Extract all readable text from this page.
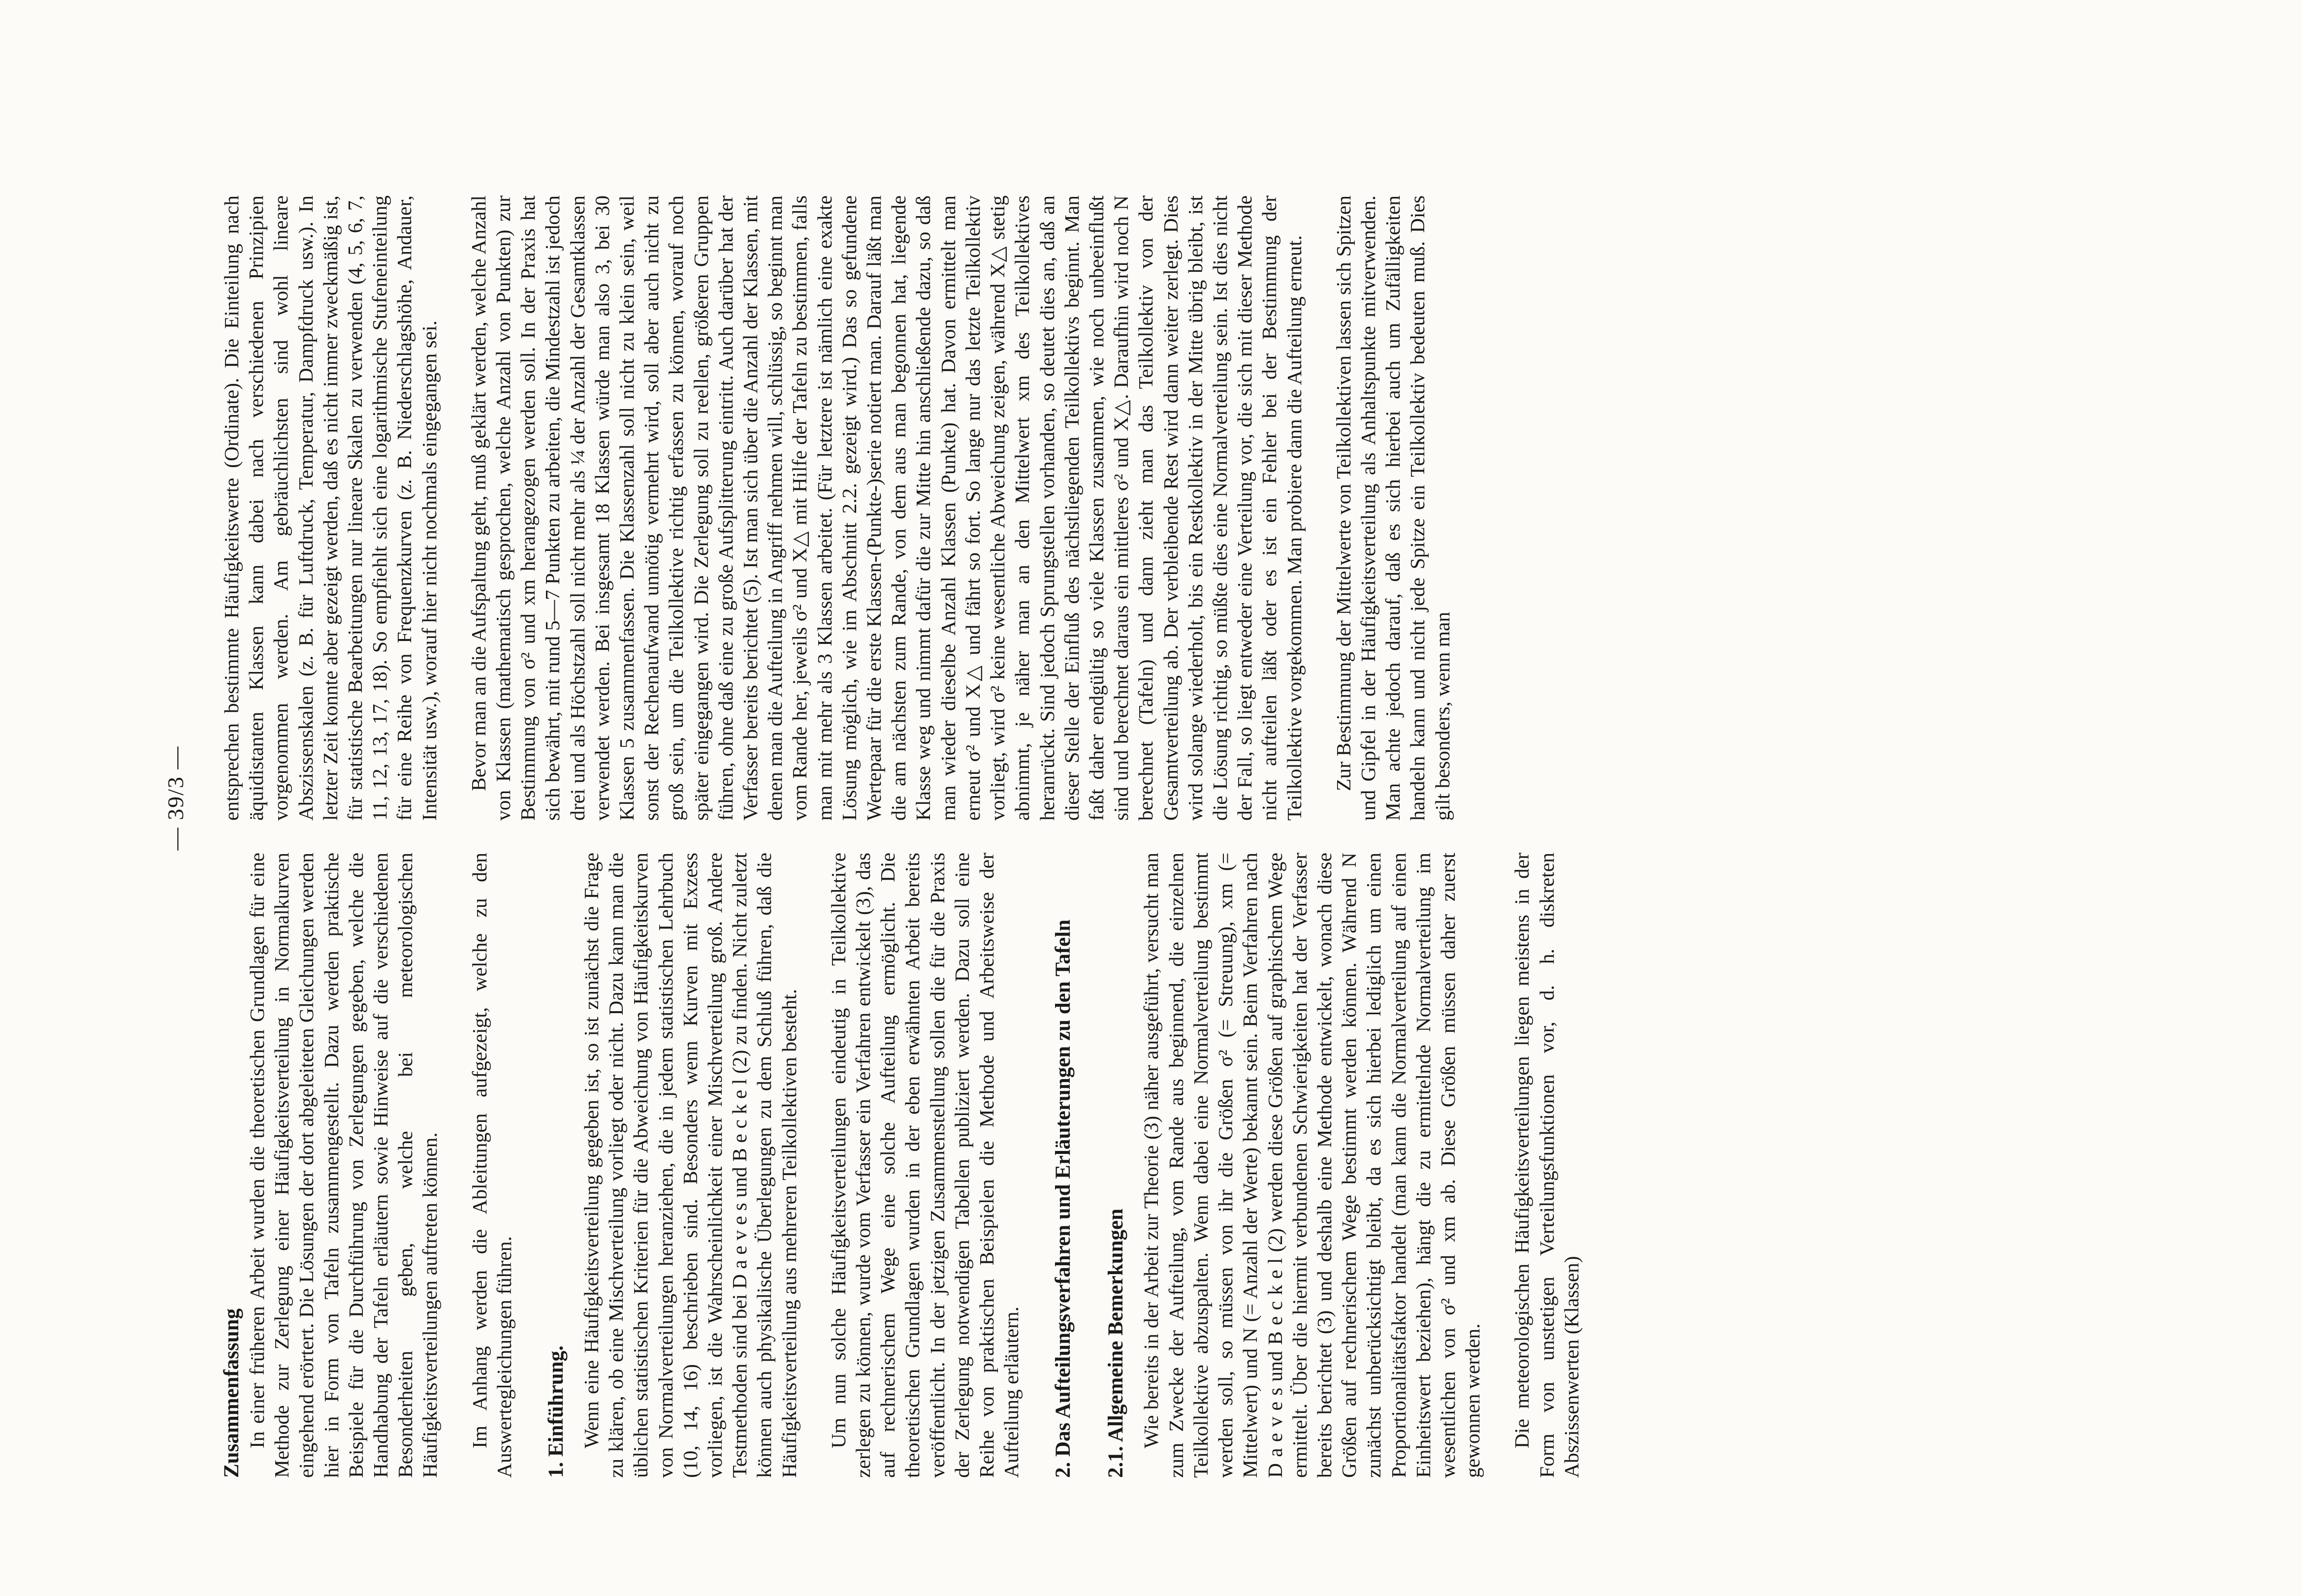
— 39/3 —
Zusammenfassung In einer früheren Arbeit wurden die theoretischen Grundlagen für eine Methode zur Zerlegung einer Häufigkeitsverteilung in Normalkurven eingehend erörtert. Die Lösungen der dort abgeleiteten Gleichungen werden hier in Form von Tafeln zusammengestellt. Dazu werden praktische Beispiele für die Durchführung von Zerlegungen gegeben, welche die Handhabung der Tafeln erläutern sowie Hinweise auf die verschiedenen Besonderheiten geben, welche bei meteorologischen Häufigkeitsverteilungen auftreten können. Im Anhang werden die Ableitungen aufgezeigt, welche zu den Auswertegleichungen führen. 1. Einführung. Wenn eine Häufigkeitsverteilung gegeben ist, so ist zunächst die Frage zu klären, ob eine Mischverteilung vorliegt oder nicht. Dazu kann man die üblichen statistischen Kriterien für die Abweichung von Häufigkeitskurven von Normalverteilungen heranziehen, die in jedem statistischen Lehrbuch (10, 14, 16) beschrieben sind. Besonders wenn Kurven mit Exzess vorliegen, ist die Wahrscheinlichkeit einer Mischverteilung groß. Andere Testmethoden sind bei D a e v e s und B e c k e l (2) zu finden. Nicht zuletzt können auch physikalische Überlegungen zu dem Schluß führen, daß die Häufigkeitsverteilung aus mehreren Teilkollektiven besteht. Um nun solche Häufigkeitsverteilungen eindeutig in Teilkollektive zerlegen zu können, wurde vom Verfasser ein Verfahren entwickelt (3), das auf rechnerischem Wege eine solche Aufteilung ermöglicht. Die theoretischen Grundlagen wurden in der eben erwähnten Arbeit bereits veröffentlicht. In der jetzigen Zusammenstellung sollen die für die Praxis der Zerlegung notwendigen Tabellen publiziert werden. Dazu soll eine Reihe von praktischen Beispielen die Methode und Arbeitsweise der Aufteilung erläutern. 2. Das Aufteilungsverfahren und Erläuterungen zu den Tafeln 2.1. Allgemeine Bemerkungen Wie bereits in der Arbeit zur Theorie (3) näher ausgeführt, versucht man zum Zwecke der Aufteilung, vom Rande aus beginnend, die einzelnen Teilkollektive abzuspalten. Wenn dabei eine Normalverteilung bestimmt werden soll, so müssen von ihr die Größen σ² (= Streuung), xm (= Mittelwert) und N (= Anzahl der Werte) bekannt sein. Beim Verfahren nach D a e v e s und B e c k e l (2) werden diese Größen auf graphischem Wege ermittelt. Über die hiermit verbundenen Schwierigkeiten hat der Verfasser bereits berichtet (3) und deshalb eine Methode entwickelt, wonach diese Größen auf rechnerischem Wege bestimmt werden können. Während N zunächst unberücksichtigt bleibt, da es sich hierbei lediglich um einen Proportionalitätsfaktor handelt (man kann die Normalverteilung auf einen Einheitswert beziehen), hängt die zu ermittelnde Normalverteilung im wesentlichen von σ² und xm ab. Diese Größen müssen daher zuerst gewonnen werden. Die meteorologischen Häufigkeitsverteilungen liegen meistens in der Form von unstetigen Verteilungsfunktionen vor, d. h. diskreten Abszissenwerten (Klassen)

entsprechen bestimmte Häufigkeitswerte (Ordinate). Die Einteilung nach äquidistanten Klassen kann dabei nach verschiedenen Prinzipien vorgenommen werden. Am gebräuchlichsten sind wohl lineare Abszissenskalen (z. B. für Luftdruck, Temperatur, Dampfdruck usw.). In letzter Zeit konnte aber gezeigt werden, daß es nicht immer zweckmäßig ist, für statistische Bearbeitungen nur lineare Skalen zu verwenden (4, 5, 6, 7, 11, 12, 13, 17, 18). So empfiehlt sich eine logarithmische Stufeneinteilung für eine Reihe von Frequenzkurven (z. B. Niederschlagshöhe, Andauer, Intensität usw.), worauf hier nicht nochmals eingegangen sei. Bevor man an die Aufspaltung geht, muß geklärt werden, welche Anzahl von Klassen (mathematisch gesprochen, welche Anzahl von Punkten) zur Bestimmung von σ² und xm herangezogen werden soll. In der Praxis hat sich bewährt, mit rund 5—7 Punkten zu arbeiten, die Mindestzahl ist jedoch drei und als Höchstzahl soll nicht mehr als ¼ der Anzahl der Gesamtklassen verwendet werden. Bei insgesamt 18 Klassen würde man also 3, bei 30 Klassen 5 zusammenfassen. Die Klassenzahl soll nicht zu klein sein, weil sonst der Rechenaufwand unnötig vermehrt wird, soll aber auch nicht zu groß sein, um die Teilkollektive richtig erfassen zu können, worauf noch später eingegangen wird. Die Zerlegung soll zu reellen, größeren Gruppen führen, ohne daß eine zu große Aufsplitterung eintritt. Auch darüber hat der Verfasser bereits berichtet (5). Ist man sich über die Anzahl der Klassen, mit denen man die Aufteilung in Angriff nehmen will, schlüssig, so beginnt man vom Rande her, jeweils σ² und X△ mit Hilfe der Tafeln zu bestimmen, falls man mit mehr als 3 Klassen arbeitet. (Für letztere ist nämlich eine exakte Lösung möglich, wie im Abschnitt 2.2. gezeigt wird.) Das so gefundene Wertepaar für die erste Klassen-(Punkte-)serie notiert man. Darauf läßt man die am nächsten zum Rande, von dem aus man begonnen hat, liegende Klasse weg und nimmt dafür die zur Mitte hin anschließende dazu, so daß man wieder dieselbe Anzahl Klassen (Punkte) hat. Davon ermittelt man erneut σ² und X△ und fährt so fort. So lange nur das letzte Teilkollektiv vorliegt, wird σ² keine wesentliche Abweichung zeigen, während X△ stetig abnimmt, je näher man an den Mittelwert xm des Teilkollektives heranrückt. Sind jedoch Sprungstellen vorhanden, so deutet dies an, daß an dieser Stelle der Einfluß des nächstliegenden Teilkollektivs beginnt. Man faßt daher endgültig so viele Klassen zusammen, wie noch unbeeinflußt sind und berechnet daraus ein mittleres σ² und X△. Daraufhin wird noch N berechnet (Tafeln) und dann zieht man das Teilkollektiv von der Gesamtverteilung ab. Der verbleibende Rest wird dann weiter zerlegt. Dies wird solange wiederholt, bis ein Restkollektiv in der Mitte übrig bleibt, ist die Lösung richtig, so müßte dies eine Normalverteilung sein. Ist dies nicht der Fall, so liegt entweder eine Verteilung vor, die sich mit dieser Methode nicht aufteilen läßt oder es ist ein Fehler bei der Bestimmung der Teilkollektive vorgekommen. Man probiere dann die Aufteilung erneut. Zur Bestimmung der Mittelwerte von Teilkollektiven lassen sich Spitzen und Gipfel in der Häufigkeitsverteilung als Anhaltspunkte mitverwenden. Man achte jedoch darauf, daß es sich hierbei auch um Zufälligkeiten handeln kann und nicht jede Spitze ein Teilkollektiv bedeuten muß. Dies gilt besonders, wenn man
